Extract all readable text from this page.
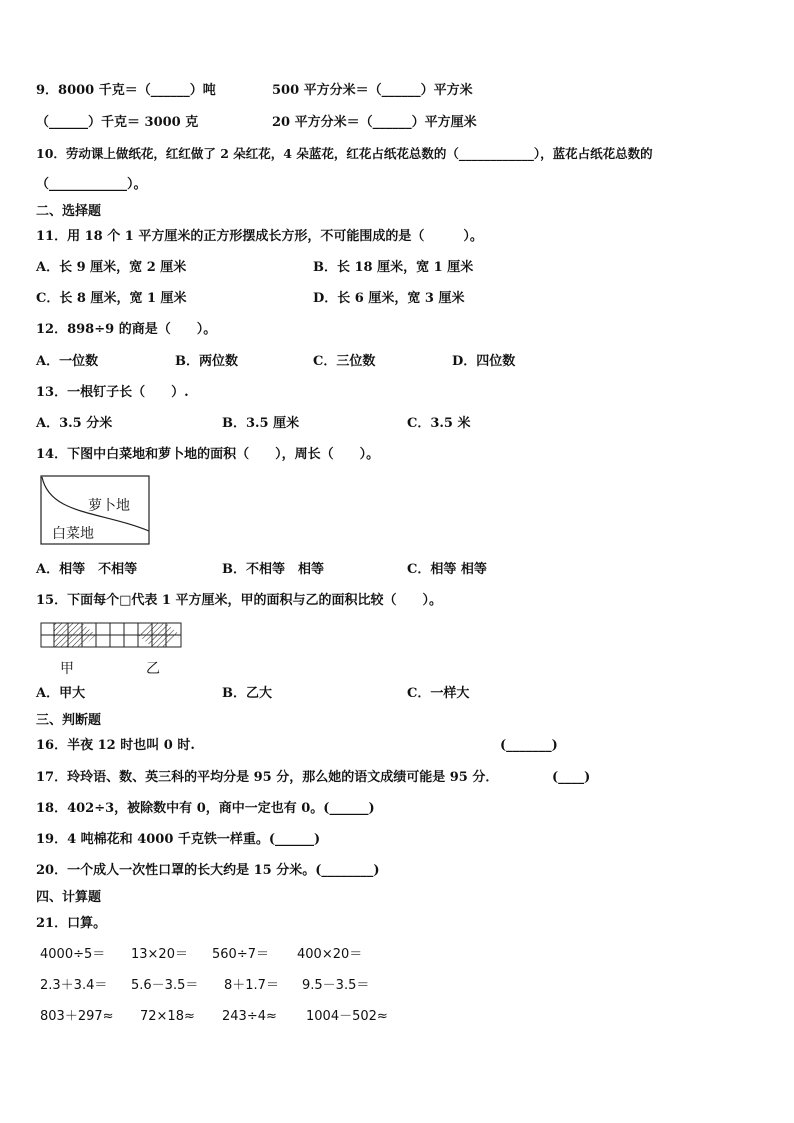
9．8000 千克＝（______）吨	500 平方分米＝（______）平方米
（______）千克＝ 3000 克	20 平方分米＝（______）平方厘米
10．劳动课上做纸花，红红做了 2 朵红花，4 朵蓝花，红花占纸花总数的（____________），蓝花占纸花总数的
（____________）。
二、选择题
11．用 18 个 1 平方厘米的正方形摆成长方形，不可能围成的是（　　　）。
A．长 9 厘米，宽 2 厘米	B．长 18 厘米，宽 1 厘米
C．长 8 厘米，宽 1 厘米	D．长 6 厘米，宽 3 厘米
12．898÷9 的商是（　　）。
A．一位数	B．两位数	C．三位数	D．四位数
13．一根钉子长（　　）.
A．3.5 分米	B．3.5 厘米	C．3.5 米
14．下图中白菜地和萝卜地的面积（　　），周长（　　）。
萝卜地
白菜地
A．相等　不相等	B．不相等　相等	C．相等 相等
15．下面每个□代表 1 平方厘米，甲的面积与乙的面积比较（　　）。
甲	乙
A．甲大	B．乙大	C．一样大
三、判断题
16．半夜 12 时也叫 0 时.	(_______)
17．玲玲语、数、英三科的平均分是 95 分，那么她的语文成绩可能是 95 分．	(____)
18．402÷3，被除数中有 0，商中一定也有 0。(______)
19．4 吨棉花和 4000 千克铁一样重。(______)
20．一个成人一次性口罩的长大约是 15 分米。(________)
四、计算题
21．口算。
4000÷5＝ 13×20＝ 560÷7＝ 400×20＝
2.3＋3.4＝ 5.6－3.5＝ 8＋1.7＝ 9.5－3.5＝
803＋297≈ 72×18≈ 243÷4≈ 1004－502≈
